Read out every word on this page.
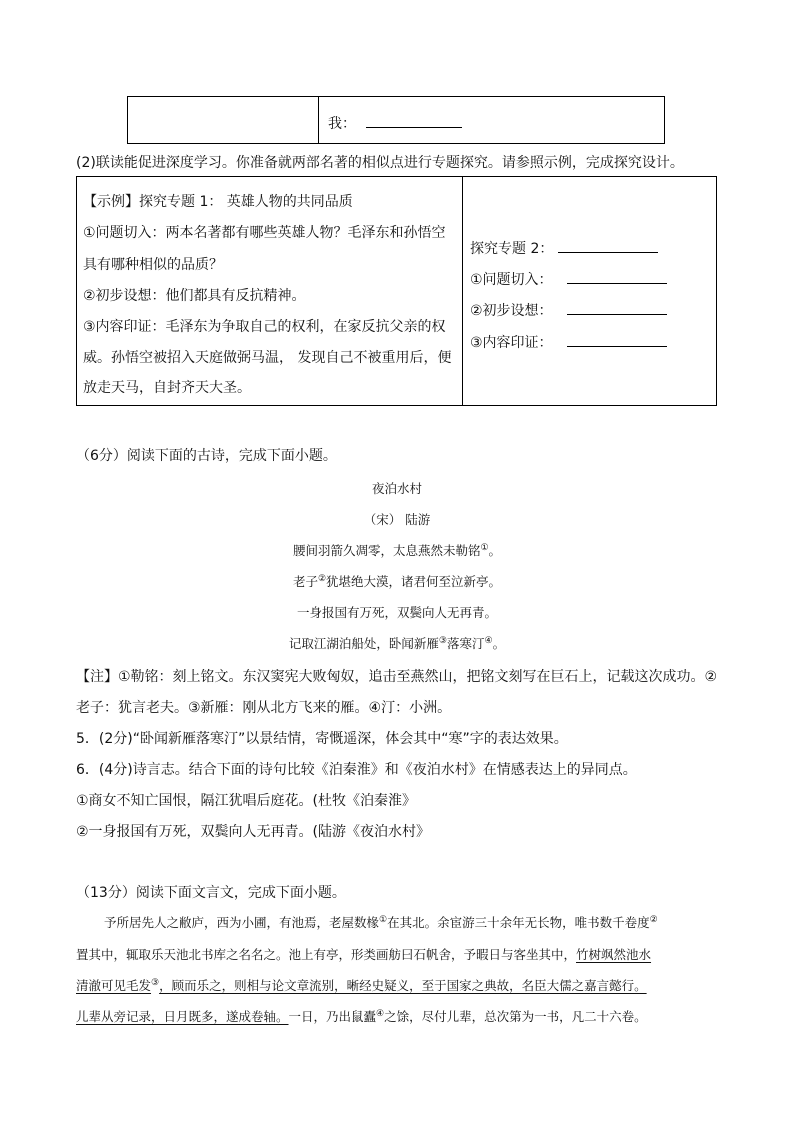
我：
(2)联读能促进深度学习。你准备就两部名著的相似点进行专题探究。请参照示例，完成探究设计。
【示例】探究专题 1： 英雄人物的共同品质
①问题切入：两本名著都有哪些英雄人物？毛泽东和孙悟空
具有哪种相似的品质？
②初步设想：他们都具有反抗精神。
③内容印证：毛泽东为争取自己的权利，在家反抗父亲的权
威。孙悟空被招入天庭做弼马温， 发现自己不被重用后，便
放走天马，自封齐天大圣。
探究专题 2：
①问题切入：
②初步设想：
③内容印证：
（6分）阅读下面的古诗，完成下面小题。
夜泊水村
（宋） 陆游
腰间羽箭久凋零，太息燕然未勒铭①。
老子②犹堪绝大漠，诸君何至泣新亭。
一身报国有万死，双鬓向人无再青。
记取江湖泊船处，卧闻新雁③落寒汀④。
【注】①勒铭：刻上铭文。东汉窦宪大败匈奴，追击至燕然山，把铭文刻写在巨石上，记载这次成功。②
老子：犹言老夫。③新雁：刚从北方飞来的雁。④汀：小洲。
5．(2分)“卧闻新雁落寒汀”以景结情，寄慨遥深，体会其中“寒”字的表达效果。
6．(4分)诗言志。结合下面的诗句比较《泊秦淮》和《夜泊水村》在情感表达上的异同点。
①商女不知亡国恨，隔江犹唱后庭花。(杜牧《泊秦淮》
②一身报国有万死，双鬓向人无再青。(陆游《夜泊水村》
（13分）阅读下面文言文，完成下面小题。
予所居先人之敝庐，西为小圃，有池焉，老屋数椽①在其北。余宦游三十余年无长物，唯书数千卷度②
置其中，辄取乐天池北书库之名名之。池上有亭，形类画舫曰石帆舍，予暇日与客坐其中，竹树飒然池水
清澈可见毛发③，顾而乐之，则相与论文章流别，晰经史疑义，至于国家之典故，名臣大儒之嘉言懿行。
儿辈从旁记录，日月既多，遂成卷轴。一日，乃出鼠蠹④之馀，尽付儿辈，总次第为一书，凡二十六卷。
